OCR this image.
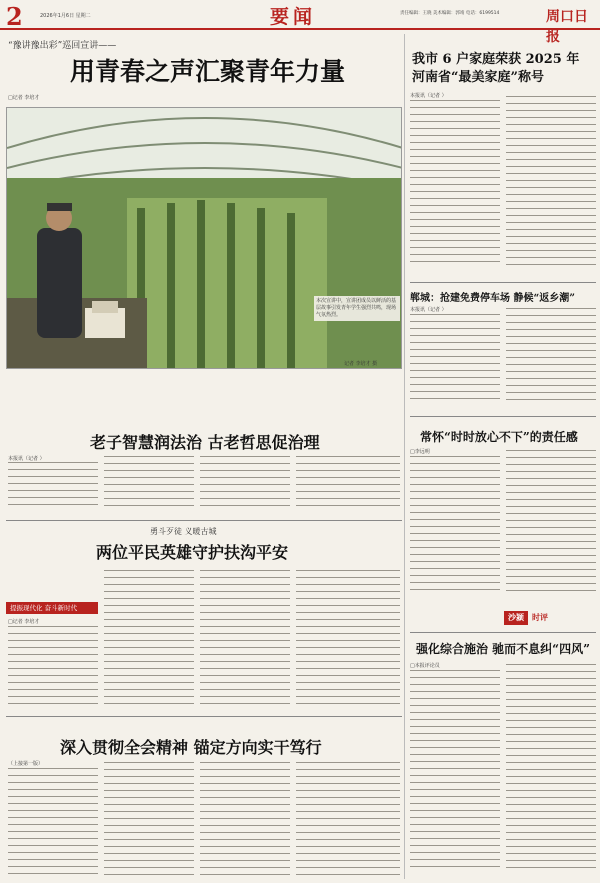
2	2026年1月6日 星期二	要闻	责任编辑：王晓 美术编辑：郭靖 电话：6199514	周口日报
“豫讲豫出彩”巡回宣讲——
用青春之声汇聚青年力量
□记者 李培才
本次宣讲中，宣讲团成员以鲜活的基层故事引发青年学生强烈共鸣，现场气氛热烈。
记者 李培才 摄
老子智慧润法治 古老哲思促治理
本报讯（记者 ）
勇斗歹徒 义暖古城
两位平民英雄守护扶沟平安
提振现代化 奋斗新时代
□记者 李培才
深入贯彻全会精神 锚定方向实干笃行
（上接第一版）
我市 6 户家庭荣获 2025 年
河南省“最美家庭”称号
本报讯（记者 ）
郸城：抢建免费停车场 静候“返乡潮”
本报讯（记者 ）
常怀“时时放心不下”的责任感
□李远明
沙颍	时评
强化综合施治 驰而不息纠“四风”
□本报评论员
